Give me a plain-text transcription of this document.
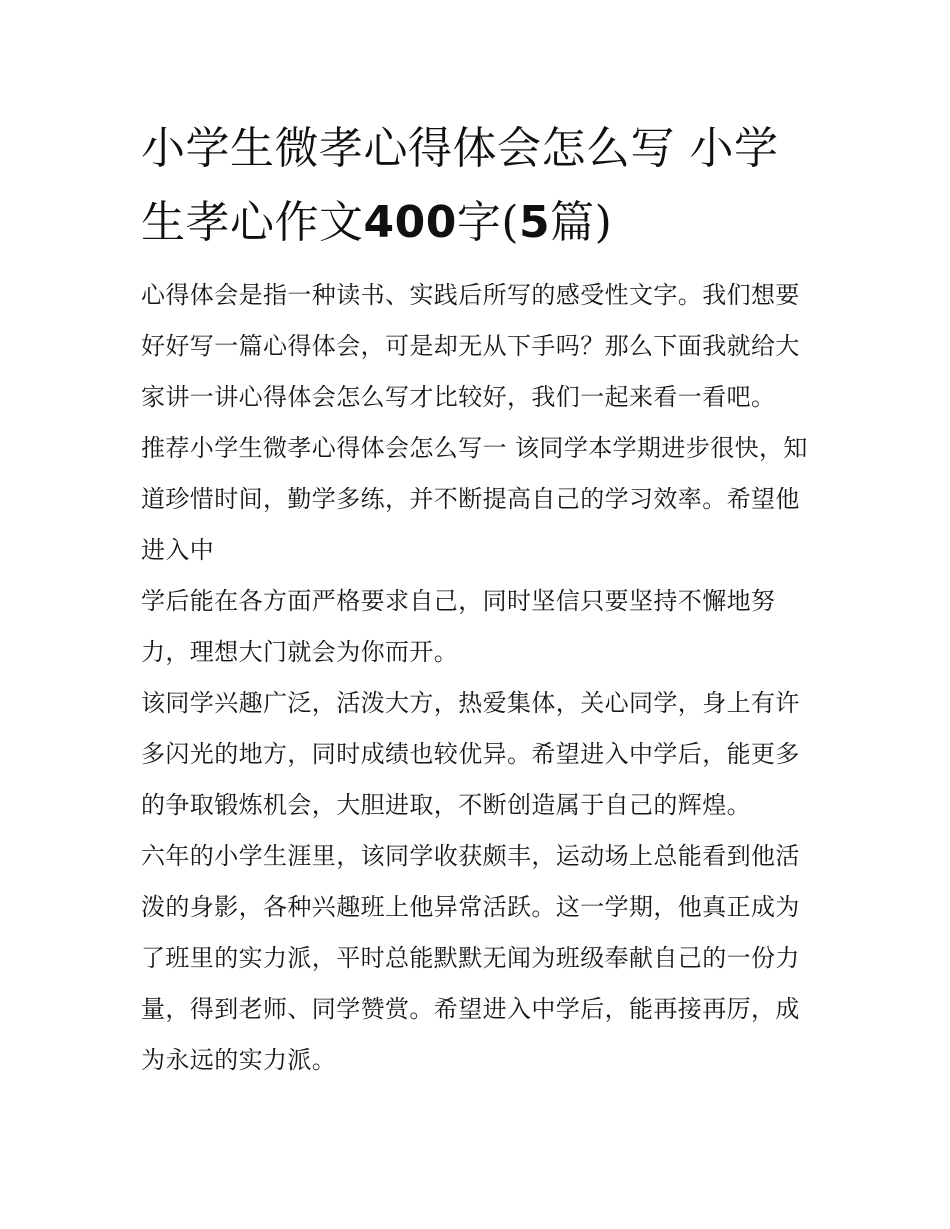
小学生微孝心得体会怎么写 小学生孝心作文400字(5篇)

心得体会是指一种读书、实践后所写的感受性文字。我们想要好好写一篇心得体会，可是却无从下手吗？那么下面我就给大家讲一讲心得体会怎么写才比较好，我们一起来看一看吧。

推荐小学生微孝心得体会怎么写一 该同学本学期进步很快，知道珍惜时间，勤学多练，并不断提高自己的学习效率。希望他进入中

学后能在各方面严格要求自己，同时坚信只要坚持不懈地努力，理想大门就会为你而开。

该同学兴趣广泛，活泼大方，热爱集体，关心同学，身上有许多闪光的地方，同时成绩也较优异。希望进入中学后，能更多的争取锻炼机会，大胆进取，不断创造属于自己的辉煌。

六年的小学生涯里，该同学收获颇丰，运动场上总能看到他活泼的身影，各种兴趣班上他异常活跃。这一学期，他真正成为了班里的实力派，平时总能默默无闻为班级奉献自己的一份力量，得到老师、同学赞赏。希望进入中学后，能再接再厉，成为永远的实力派。
